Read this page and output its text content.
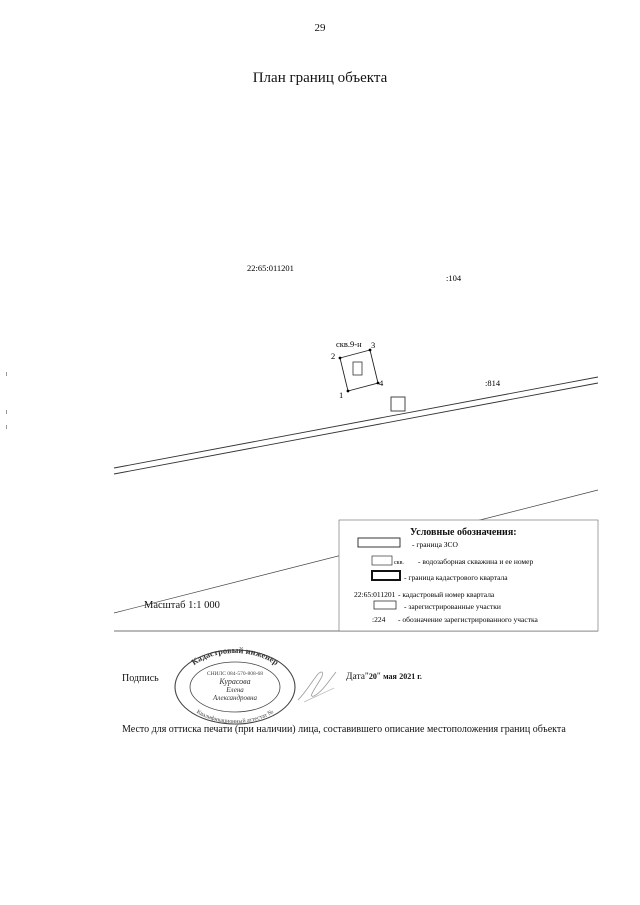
29
План границ объекта
22:65:011201
:104
:814
скв.9-н
2
3
1
4
- граница ЗСО
скв. - водозаборная скважина и ее номер
- граница кадастрового квартала
22:65:011201 - кадастровый номер квартала
- зарегистрированные участки
:224 - обозначение зарегистрированного участка
Условные обозначения:
Масштаб 1:1 000
Подпись
Кадастровый инженер
Квалификационный аттестат №
СНИЛС 084-570-808-68
Курасова
Елена
Александровна
Дата"20" мая 2021 г.
Место для оттиска печати (при наличии) лица, составившего описание местоположения границ объекта
